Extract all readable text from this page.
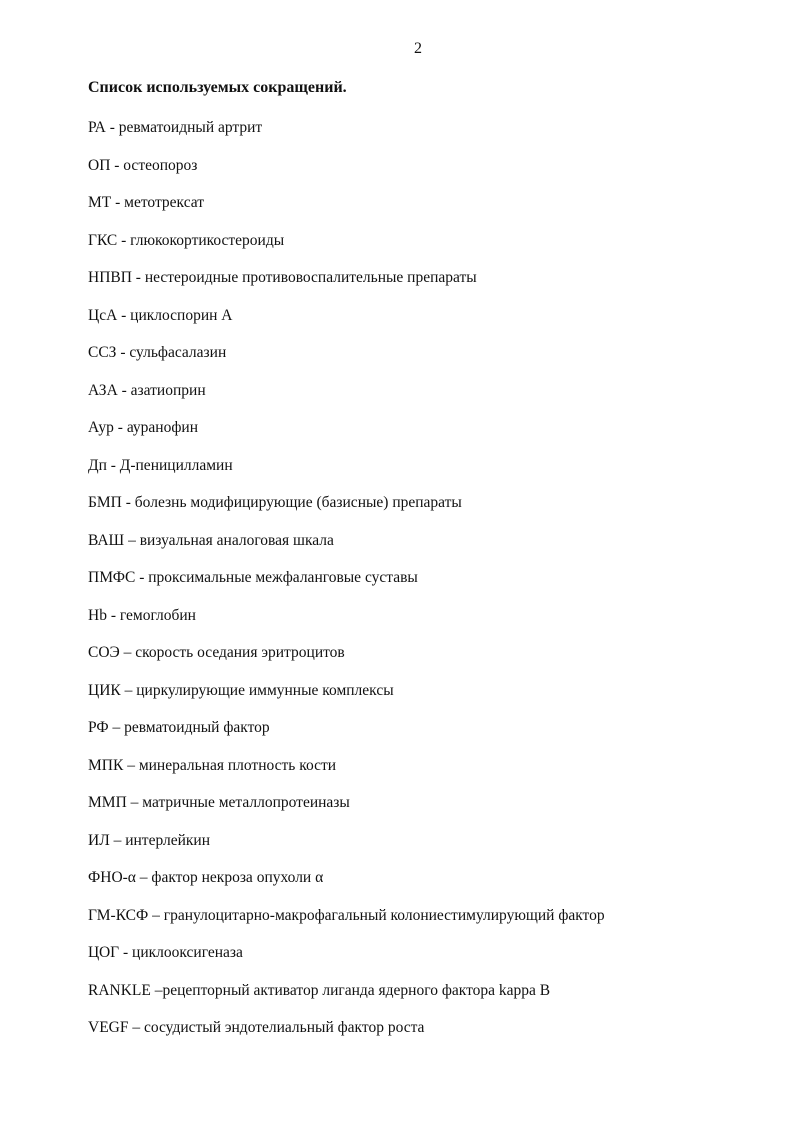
2
Список используемых сокращений.
РА - ревматоидный артрит
ОП - остеопороз
МТ - метотрексат
ГКС - глюкокортикостероиды
НПВП - нестероидные противовоспалительные препараты
ЦсА - циклоспорин А
ССЗ - сульфасалазин
АЗА - азатиоприн
Аур - ауранофин
Дп - Д-пеницилламин
БМП - болезнь модифицирующие (базисные) препараты
ВАШ – визуальная аналоговая шкала
ПМФС - проксимальные межфаланговые суставы
Hb - гемоглобин
СОЭ – скорость оседания эритроцитов
ЦИК – циркулирующие иммунные комплексы
РФ – ревматоидный фактор
МПК – минеральная плотность кости
ММП – матричные металлопротеиназы
ИЛ – интерлейкин
ФНО-α – фактор некроза опухоли α
ГМ-КСФ – гранулоцитарно-макрофагальный колониестимулирующий фактор
ЦОГ - циклооксигеназа
RANKLE –рецепторный активатор лиганда ядерного фактора kappa B
VEGF – сосудистый эндотелиальный фактор роста
